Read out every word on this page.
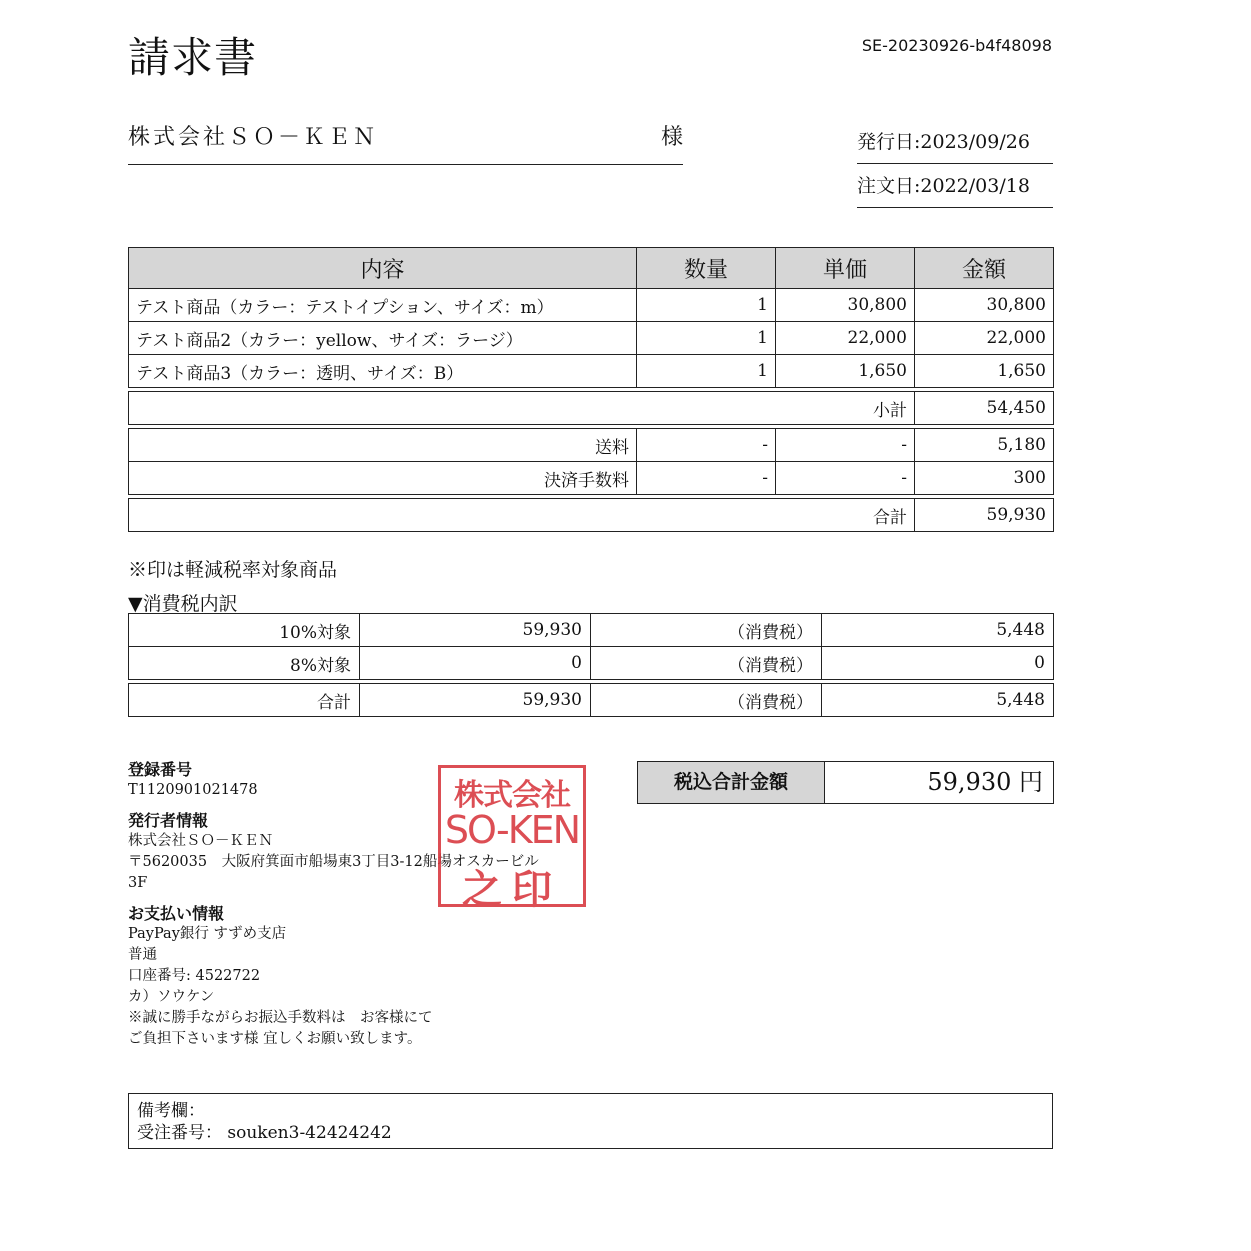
請求書	SE-20230926-b4f48098
株式会社ＳＯ－ＫＥＮ	様	発行日:2023/09/26
注文日:2022/03/18
内容	数量	単価	金額
テスト商品（カラー：テストイプション、サイズ：m）	1	30,800	30,800
テスト商品2（カラー：yellow、サイズ：ラージ）	1	22,000	22,000
テスト商品3（カラー：透明、サイズ：B）	1	1,650	1,650

小計			54,450

送料	-	-	5,180
決済手数料	-	-	300

合計			59,930
※印は軽減税率対象商品
▼消費税内訳
10%対象	59,930	（消費税）	5,448
8%対象	0	（消費税）	0

合計	59,930	（消費税）	5,448
登録番号
T1120901021478
発行者情報
株式会社ＳＯ－ＫＥＮ
〒5620035　大阪府箕面市船場東3丁目3-12船場オスカービル
3F
お支払い情報
PayPay銀行 すずめ支店
普通
口座番号: 4522722
カ）ソウケン
※誠に勝手ながらお振込手数料は　お客様にて
ご負担下さいます様 宜しくお願い致します。
株式会社
SO-KEN
之印
税込合計金額	59,930 円
備考欄：
受注番号： souken3-42424242
